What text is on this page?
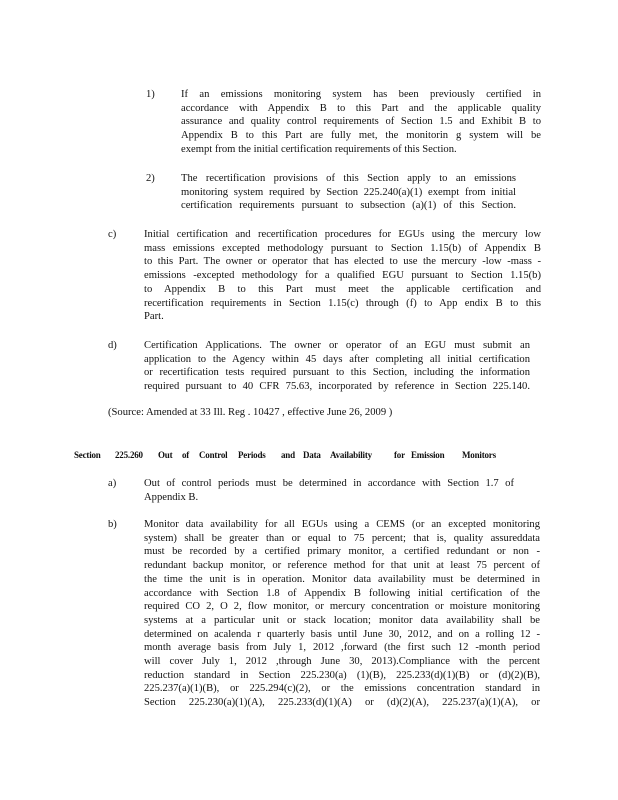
1) If an emissions monitoring system has been previously certified in
accordance with Appendix B to this Part and the applicable quality
assurance and quality control requirements of Section 1.5 and Exhibit B to
Appendix B to this Part are fully met, the monitorin g system will be
exempt from the initial certification requirements of this Section.
2) The recertification provisions of this Section apply to an emissions
monitoring system required by Section 225.240(a)(1) exempt from initial
certification requirements pursuant to subsection (a)(1) of this Section.
c)	Initial certification and recertification procedures for EGUs using the mercury low
mass emissions excepted methodology pursuant to Section 1.15(b) of Appendix B
to this Part. The owner or operator that has elected to use the mercury -low -mass -
emissions -excepted methodology for a qualified EGU pursuant to Section 1.15(b)
to Appendix B to this Part must meet the applicable certification and
recertification requirements in Section 1.15(c) through (f) to App endix B to this
Part.
d)	Certification Applications. The owner or operator of an EGU must submit an
application to the Agency within 45 days after completing all initial certification
or recertification tests required pursuant to this Section, including the information
required pursuant to 40 CFR 75.63, incorporated by reference in Section 225.140.
(Source: Amended at 33 Ill. Reg . 10427 , effective June 26, 2009 )
Section 225.260 Out of Control Periods and Data Availability for Emission Monitors
a)	Out of control periods must be determined in accordance with Section 1.7 of
Appendix B.
b)	Monitor data availability for all EGUs using a CEMS (or an excepted monitoring
system) shall be greater than or equal to 75 percent; that is, quality assureddata
must be recorded by a certified primary monitor, a certified redundant or non -
redundant backup monitor, or reference method for that unit at least 75 percent of
the time the unit is in operation. Monitor data availability must be determined in
accordance with Section 1.8 of Appendix B following initial certification of the
required CO 2, O 2, flow monitor, or mercury concentration or moisture monitoring
systems at a particular unit or stack location; monitor data availability shall be
determined on acalenda r quarterly basis until June 30, 2012, and on a rolling 12 -
month average basis from July 1, 2012 ,forward (the first such 12 -month period
will cover July 1, 2012 ,through June 30, 2013).Compliance with the percent
reduction standard in Section 225.230(a) (1)(B), 225.233(d)(1)(B) or (d)(2)(B),
225.237(a)(1)(B), or 225.294(c)(2), or the emissions concentration standard in
Section 225.230(a)(1)(A), 225.233(d)(1)(A) or (d)(2)(A), 225.237(a)(1)(A), or
